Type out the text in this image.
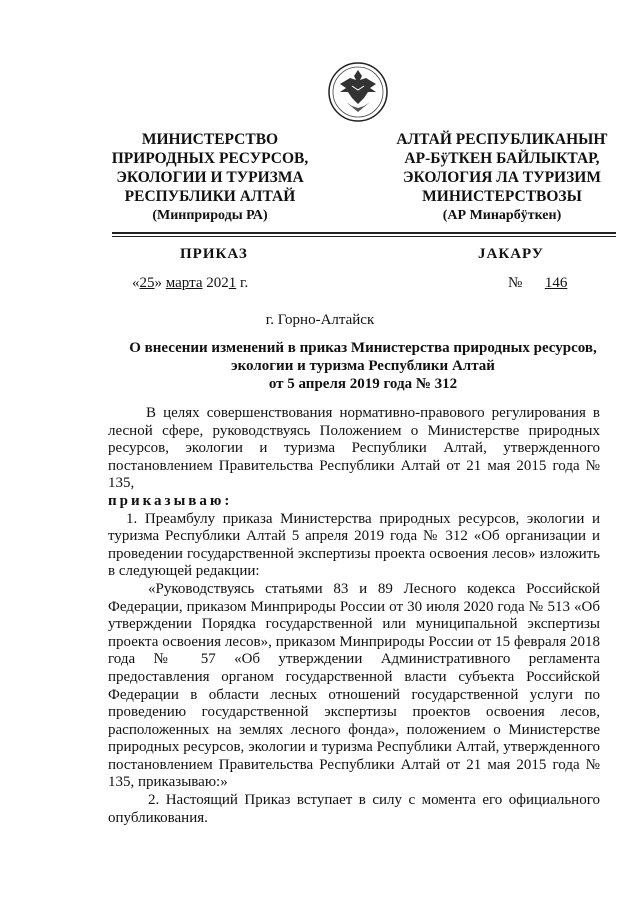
МИНИСТЕРСТВО
ПРИРОДНЫХ РЕСУРСОВ,
ЭКОЛОГИИ И ТУРИЗМА
РЕСПУБЛИКИ АЛТАЙ
(Минприроды РА)
АЛТАЙ РЕСПУБЛИКАНЫҤ
АР-БÿТКЕН БАЙЛЫКТАР,
ЭКОЛОГИЯ ЛА ТУРИЗИМ
МИНИСТЕРСТВОЗЫ
(АР Минарбÿткен)
ПРИКАЗ	JАКАРУ
«25» марта 2021 г.	№ 146
г. Горно-Алтайск
О внесении изменений в приказ Министерства природных ресурсов,
экологии и туризма Республики Алтай
от 5 апреля 2019 года № 312

В целях совершенствования нормативно-правового регулирования в лесной сфере, руководствуясь Положением о Министерстве природных ресурсов, экологии и туризма Республики Алтай, утвержденного постановлением Правительства Республики Алтай от 21 мая 2015 года № 135,

приказываю:

1. Преамбулу приказа Министерства природных ресурсов, экологии и туризма Республики Алтай 5 апреля 2019 года № 312 «Об организации и проведении государственной экспертизы проекта освоения лесов» изложить в следующей редакции:

«Руководствуясь статьями 83 и 89 Лесного кодекса Российской Федерации, приказом Минприроды России от 30 июля 2020 года № 513 «Об утверждении Порядка государственной или муниципальной экспертизы проекта освоения лесов», приказом Минприроды России от 15 февраля 2018 года № 57 «Об утверждении Административного регламента предоставления органом государственной власти субъекта Российской Федерации в области лесных отношений государственной услуги по проведению государственной экспертизы проектов освоения лесов, расположенных на землях лесного фонда», положением о Министерстве природных ресурсов, экологии и туризма Республики Алтай, утвержденного постановлением Правительства Республики Алтай от 21 мая 2015 года № 135, приказываю:»

2. Настоящий Приказ вступает в силу с момента его официального опубликования.
